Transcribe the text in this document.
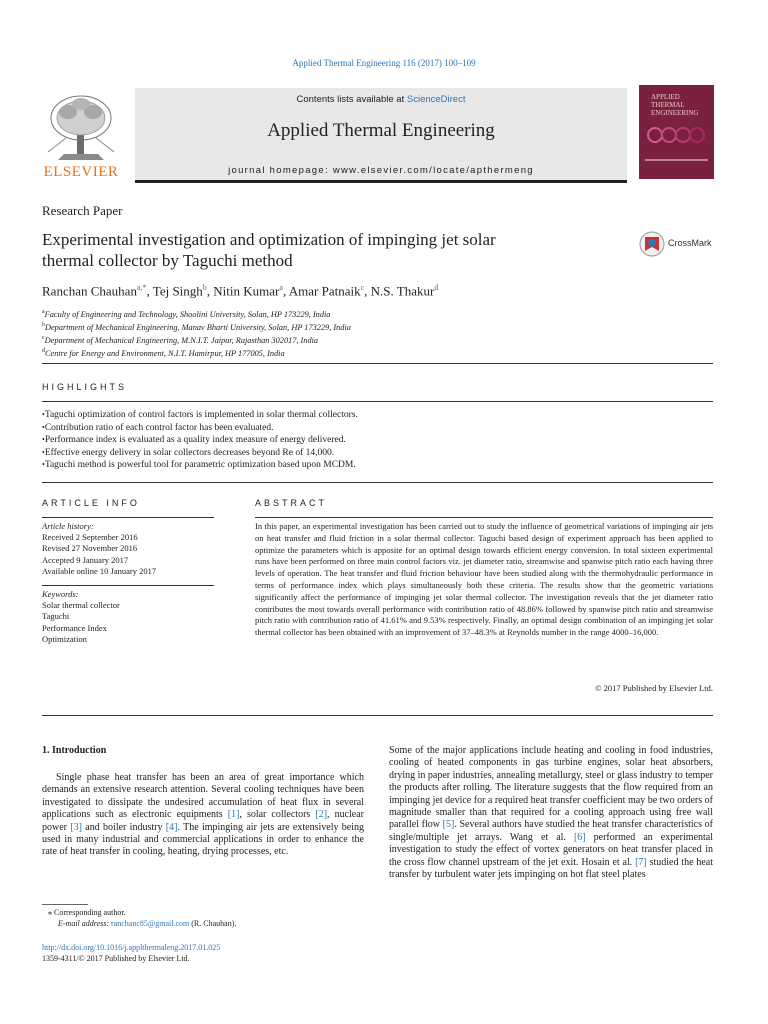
Applied Thermal Engineering 116 (2017) 100–109
ELSEVIER
Contents lists available at ScienceDirect
Applied Thermal Engineering
journal homepage: www.elsevier.com/locate/apthermeng
APPLIED
THERMAL
ENGINEERING
Research Paper
Experimental investigation and optimization of impinging jet solar
thermal collector by Taguchi method
CrossMark
Ranchan Chauhan$^{a,*}$, Tej Singh$^b$, Nitin Kumar$^a$, Amar Patnaik$^c$, N.S. Thakur$^d$
$^a$Faculty of Engineering and Technology, Shoolini University, Solan, HP 173229, India
$^b$Department of Mechanical Engineering, Manav Bharti University, Solan, HP 173229, India
$^c$Department of Mechanical Engineering, M.N.I.T. Jaipur, Rajasthan 302017, India
$^d$Centre for Energy and Environment, N.I.T. Hamirpur, HP 177005, India
HIGHLIGHTS
• Taguchi optimization of control factors is implemented in solar thermal collectors.
• Contribution ratio of each control factor has been evaluated.
• Performance index is evaluated as a quality index measure of energy delivered.
• Effective energy delivery in solar collectors decreases beyond Re of 14,000.
• Taguchi method is powerful tool for parametric optimization based upon MCDM.
ARTICLE INFO	ABSTRACT
Article history:
Received 2 September 2016
Revised 27 November 2016
Accepted 9 January 2017
Available online 10 January 2017
Keywords:
Solar thermal collector
Taguchi
Performance Index
Optimization
In this paper, an experimental investigation has been carried out to study the influence of geometrical variations of impinging air jets on heat transfer and fluid friction in a solar thermal collector. Taguchi based design of experiment approach has been applied to optimize the parameters which is apposite for an optimal design towards efficient energy conversion. In total sixteen experimental runs have been performed on three main control factors viz. jet diameter ratio, streamwise and spanwise pitch ratio each having three levels of operation. The heat transfer and fluid friction behaviour have been studied along with the thermohydraulic performance in terms of performance index which plays simultaneously both these criteria. The results show that the geometric variations significantly affect the performance of impinging jet solar thermal collector. The investigation reveals that the jet diameter ratio contributes the most towards overall performance with contribution ratio of 48.86% followed by spanwise pitch ratio and streamwise pitch ratio with contribution ratio of 41.61% and 9.53% respectively. Finally, an optimal design combination of an impinging jet solar thermal collector has been obtained with an improvement of 37–48.3% at Reynolds number in the range 4000–16,000.
© 2017 Published by Elsevier Ltd.
1. Introduction
Single phase heat transfer has been an area of great importance which demands an extensive research attention. Several cooling techniques have been investigated to dissipate the undesired accumulation of heat flux in several applications such as electronic equipments [1], solar collectors [2], nuclear power [3] and boiler industry [4]. The impinging air jets are extensively being used in many industrial and commercial applications in order to enhance the rate of heat transfer in cooling, heating, drying processes, etc.
Some of the major applications include heating and cooling in food industries, cooling of heated components in gas turbine engines, solar heat absorbers, drying in paper industries, annealing metallurgy, steel or glass industry to temper the products after rolling. The literature suggests that the flow required from an impinging jet device for a required heat transfer coefficient may be two orders of magnitude smaller than that required for a cooling approach using free wall parallel flow [5]. Several authors have studied the heat transfer characteristics of single/multiple jet arrays. Wang et al. [6] performed an experimental investigation to study the effect of vortex generators on heat transfer placed in the cross flow channel upstream of the jet exit. Hosain et al. [7] studied the heat transfer by turbulent water jets impinging on hot flat steel plates
⁎ Corresponding author.
E-mail address: ranchanc85@gmail.com (R. Chauhan).
http://dx.doi.org/10.1016/j.applthermaleng.2017.01.025
1359-4311/© 2017 Published by Elsevier Ltd.
